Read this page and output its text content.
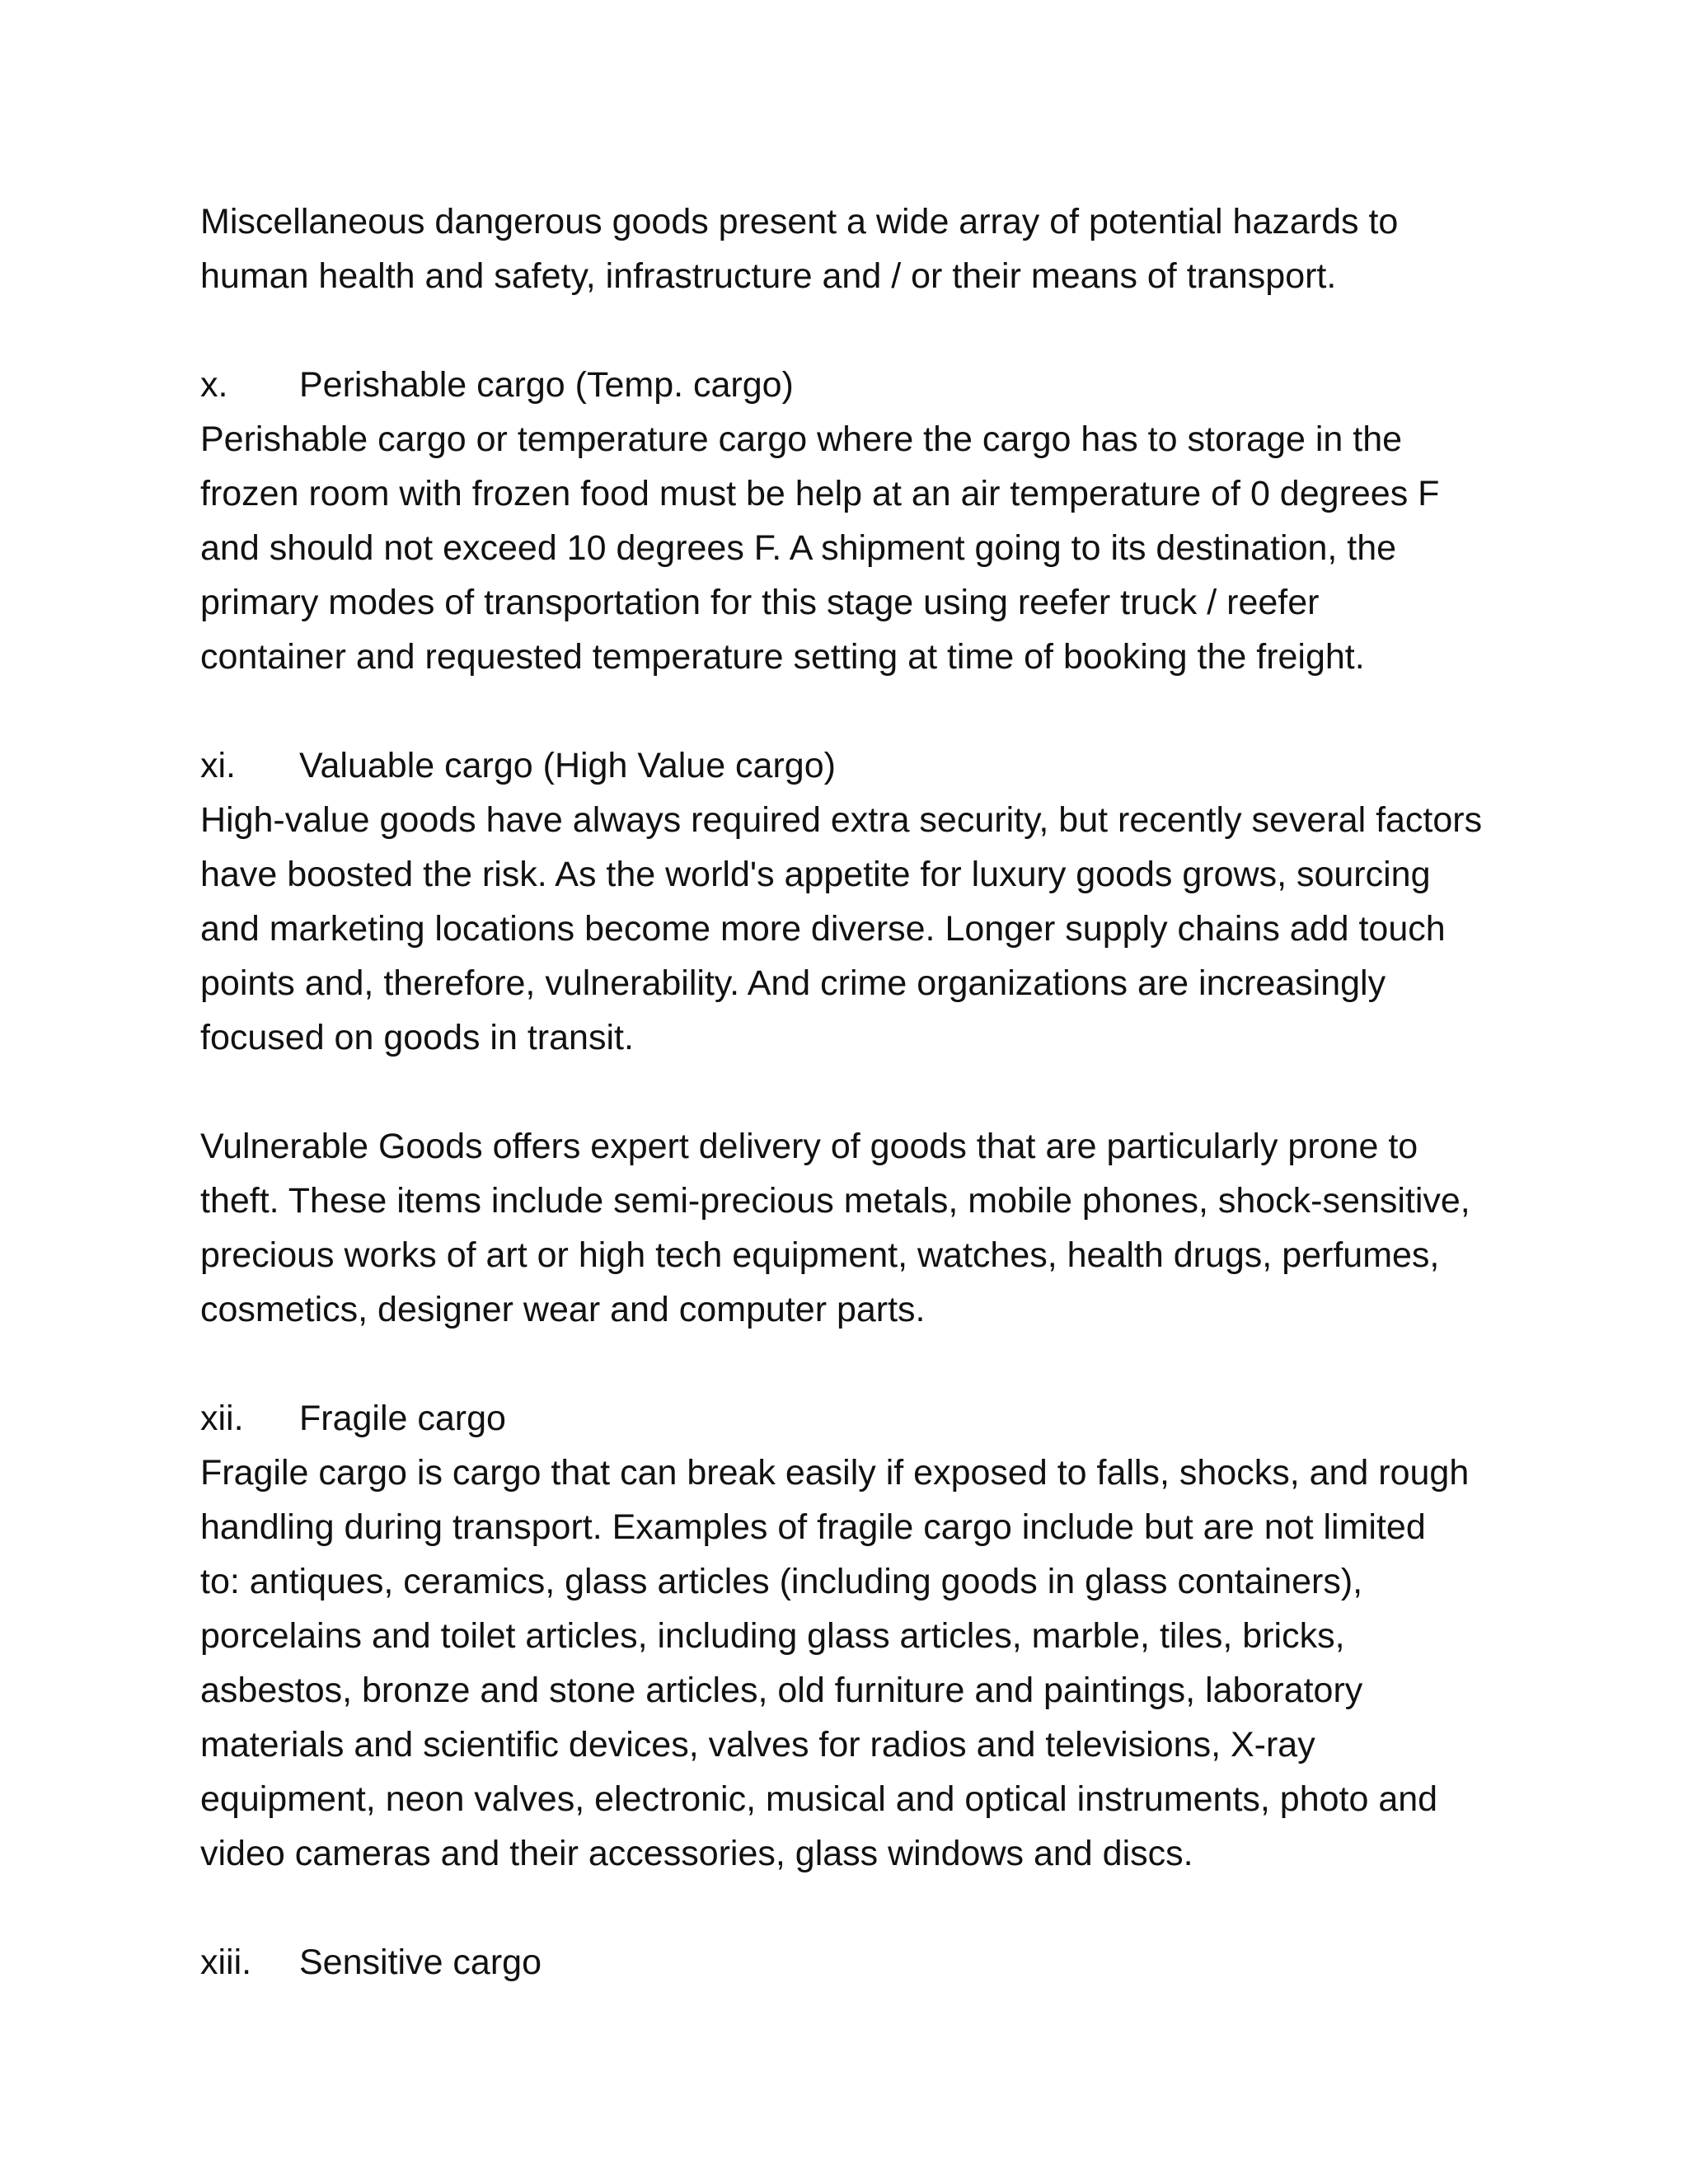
Miscellaneous dangerous goods present a wide array of potential hazards to
human health and safety, infrastructure and / or their means of transport.
x.	Perishable cargo (Temp. cargo)
Perishable cargo or temperature cargo where the cargo has to storage in the
frozen room with frozen food must be help at an air temperature of 0 degrees F
and should not exceed 10 degrees F. A shipment going to its destination, the
primary modes of transportation for this stage using reefer truck / reefer
container and requested temperature setting at time of booking the freight.
xi.	Valuable cargo (High Value cargo)
High-value goods have always required extra security, but recently several factors
have boosted the risk. As the world's appetite for luxury goods grows, sourcing
and marketing locations become more diverse. Longer supply chains add touch
points and, therefore, vulnerability. And crime organizations are increasingly
focused on goods in transit.
Vulnerable Goods offers expert delivery of goods that are particularly prone to
theft. These items include semi-precious metals, mobile phones, shock-sensitive,
precious works of art or high tech equipment, watches, health drugs, perfumes,
cosmetics, designer wear and computer parts.
xii.	Fragile cargo
Fragile cargo is cargo that can break easily if exposed to falls, shocks, and rough
handling during transport. Examples of fragile cargo include but are not limited
to: antiques, ceramics, glass articles (including goods in glass containers),
porcelains and toilet articles, including glass articles, marble, tiles, bricks,
asbestos, bronze and stone articles, old furniture and paintings, laboratory
materials and scientific devices, valves for radios and televisions, X-ray
equipment, neon valves, electronic, musical and optical instruments, photo and
video cameras and their accessories, glass windows and discs.
xiii.	Sensitive cargo
